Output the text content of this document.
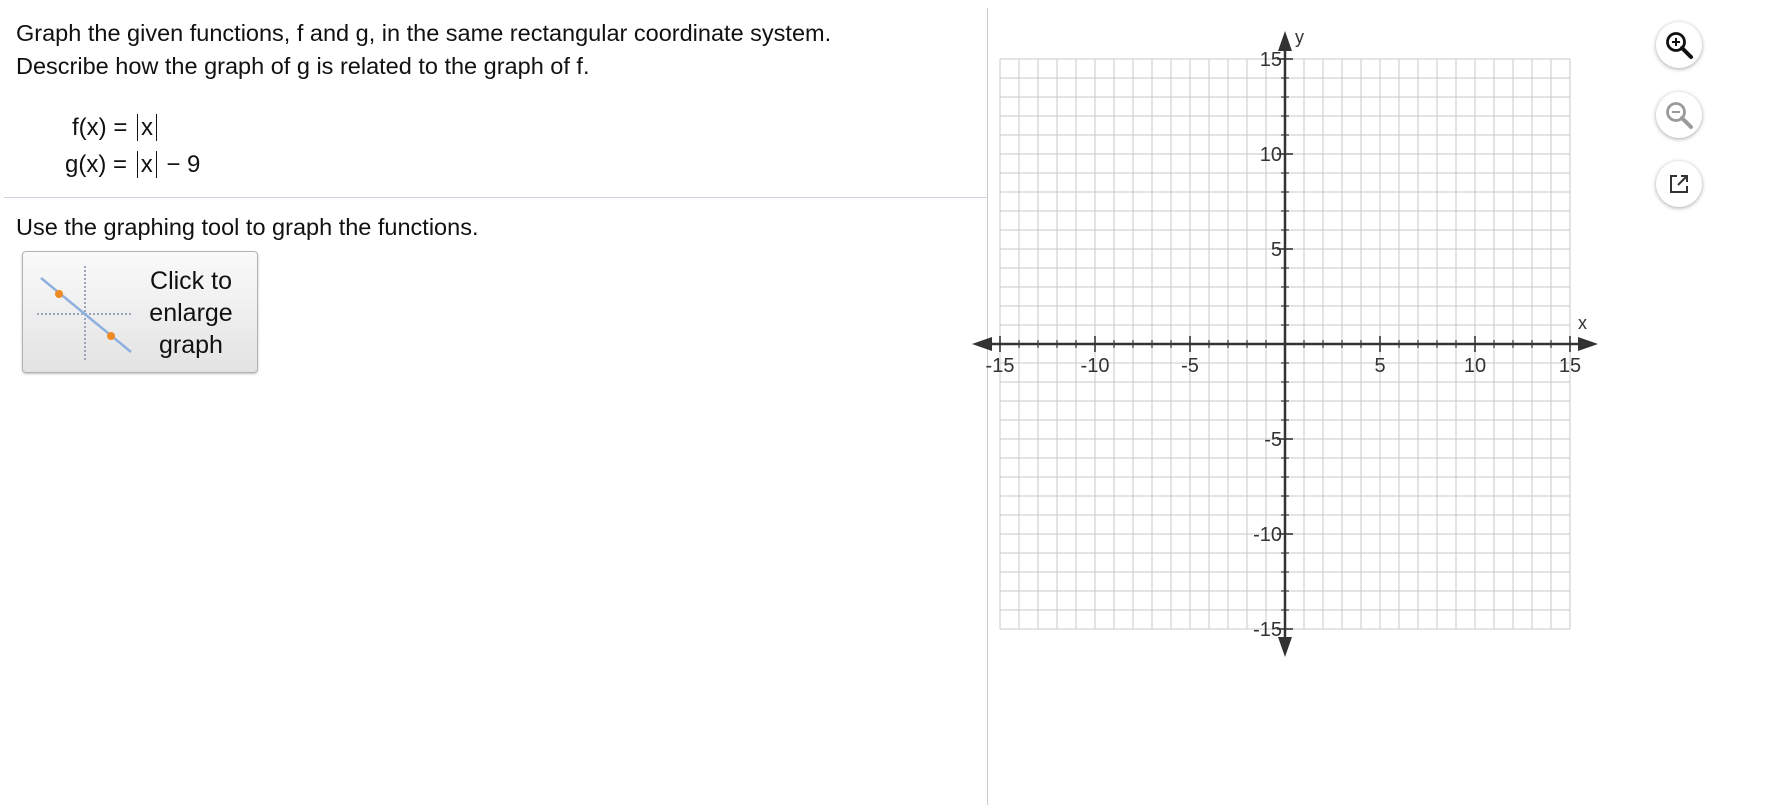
Graph the given functions, f and g, in the same rectangular coordinate system.
Describe how the graph of g is related to the graph of f.
f(x) = x
g(x) = x − 9
Use the graphing tool to graph the functions.
Click to
enlarge
graph
-15	-10	-5	5	10	15
15
10
5
-5
-10
-15
x
y
